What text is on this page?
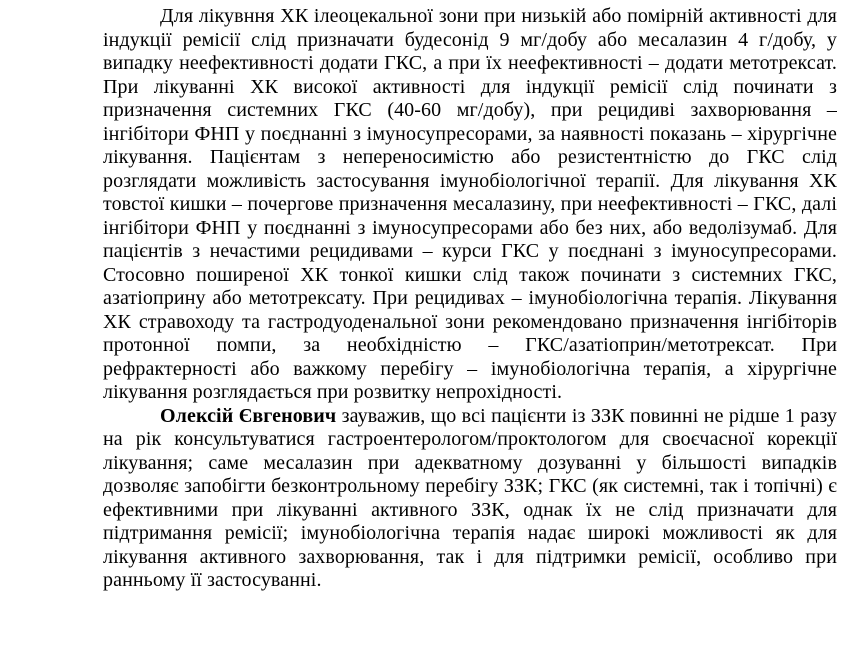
Для лікувння ХК ілеоцекальної зони при низькій або помірній активності для індукції ремісії слід призначати будесонід 9 мг/добу або месалазин 4 г/добу, у випадку неефективності додати ГКС, а при їх неефективності – додати метотрексат. При лікуванні ХК високої активності для індукції ремісії слід починати з призначення системних ГКС (40-60 мг/добу), при рецидиві захворювання – інгібітори ФНП у поєднанні з імуносупресорами, за наявності показань – хірургічне лікування. Пацієнтам з непереносимістю або резистентністю до ГКС слід розглядати можливість застосування імунобіологічної терапії. Для лікування ХК товстої кишки – почергове призначення месалазину, при неефективності – ГКС, далі інгібітори ФНП у поєднанні з імуносупресорами або без них, або ведолізумаб. Для пацієнтів з нечастими рецидивами – курси ГКС у поєднані з імуносупресорами. Стосовно поширеної ХК тонкої кишки слід також починати з системних ГКС, азатіоприну або метотрексату. При рецидивах – імунобіологічна терапія. Лікування ХК стравоходу та гастродуоденальної зони рекомендовано призначення інгібіторів протонної помпи, за необхідністю – ГКС/азатіоприн/метотрексат. При рефрактерності або важкому перебігу – імунобіологічна терапія, а хірургічне лікування розглядається при розвитку непрохідності.

Олексій Євгенович зауважив, що всі пацієнти із ЗЗК повинні не рідше 1 разу на рік консультуватися гастроентерологом/проктологом для своєчасної корекції лікування; саме месалазин при адекватному дозуванні у більшості випадків дозволяє запобігти безконтрольному перебігу ЗЗК; ГКС (як системні, так і топічні) є ефективними при лікуванні активного ЗЗК, однак їх не слід призначати для підтримання ремісії; імунобіологічна терапія надає широкі можливості як для лікування активного захворювання, так і для підтримки ремісії, особливо при ранньому її застосуванні.
